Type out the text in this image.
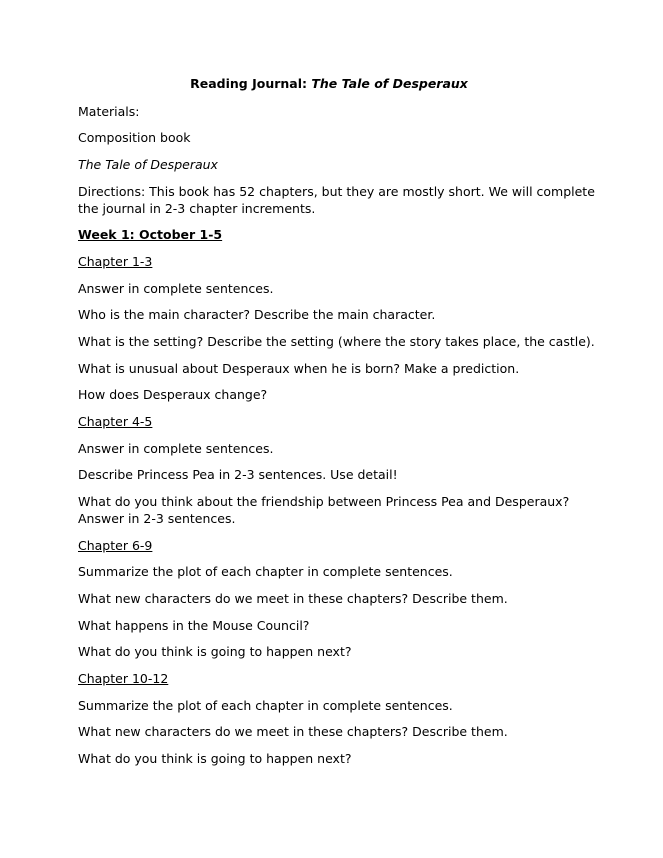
Reading Journal: The Tale of Desperaux
Materials:
Composition book
The Tale of Desperaux
Directions: This book has 52 chapters, but they are mostly short. We will complete
the journal in 2-3 chapter increments.
Week 1: October 1-5
Chapter 1-3
Answer in complete sentences.
Who is the main character? Describe the main character.
What is the setting? Describe the setting (where the story takes place, the castle).
What is unusual about Desperaux when he is born? Make a prediction.
How does Desperaux change?
Chapter 4-5
Answer in complete sentences.
Describe Princess Pea in 2-3 sentences. Use detail!
What do you think about the friendship between Princess Pea and Desperaux?
Answer in 2-3 sentences.
Chapter 6-9
Summarize the plot of each chapter in complete sentences.
What new characters do we meet in these chapters? Describe them.
What happens in the Mouse Council?
What do you think is going to happen next?
Chapter 10-12
Summarize the plot of each chapter in complete sentences.
What new characters do we meet in these chapters? Describe them.
What do you think is going to happen next?
